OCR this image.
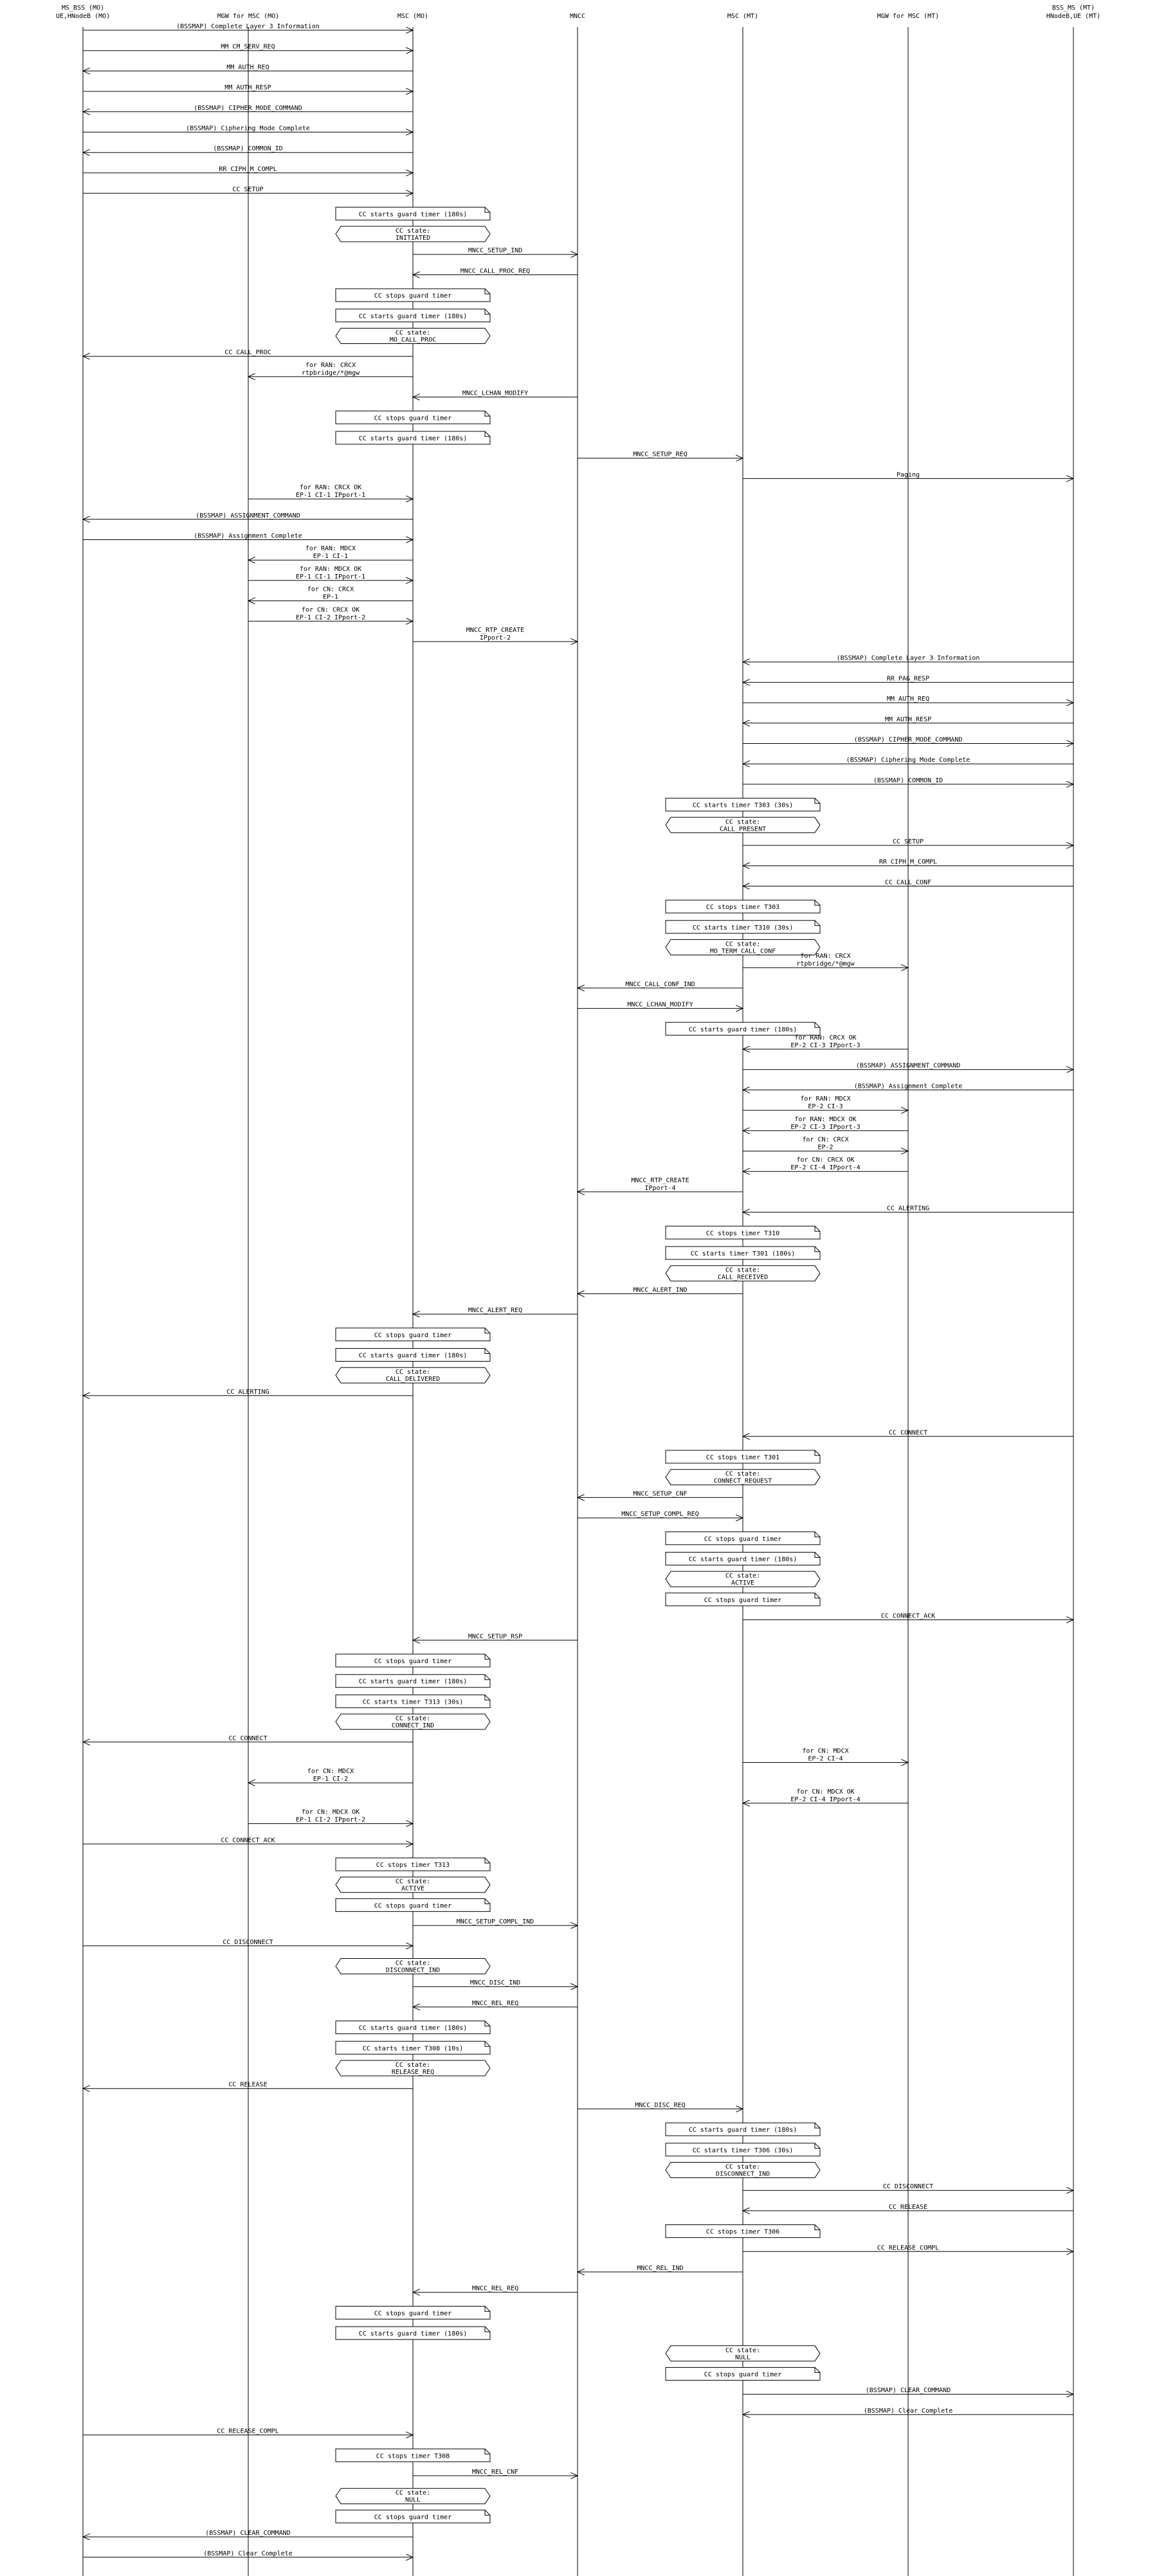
MS_BSS (MO)
UE,HNodeB (MO)	MGW for MSC (MO)	MSC (MO)	MNCC	MSC (MT)	MGW for MSC (MT)
BSS_MS (MT)
HNodeB,UE (MT)
(BSSMAP) Complete Layer 3 Information
MM CM_SERV_REQ
MM AUTH_REQ
MM AUTH_RESP
(BSSMAP) CIPHER_MODE_COMMAND
(BSSMAP) Ciphering Mode Complete
(BSSMAP) COMMON_ID
RR CIPH_M_COMPL
CC SETUP
CC starts guard timer (180s)
CC state:
INITIATED
MNCC_SETUP_IND
MNCC_CALL_PROC_REQ
CC stops guard timer
CC starts guard timer (180s)
CC state:
MO_CALL_PROC
CC CALL_PROC
for RAN: CRCX
rtpbridge/*@mgw
MNCC_LCHAN_MODIFY
CC stops guard timer
CC starts guard timer (180s)
MNCC_SETUP_REQ
Paging
for RAN: CRCX OK
EP-1 CI-1 IPport-1
(BSSMAP) ASSIGNMENT_COMMAND
(BSSMAP) Assignment Complete
for RAN: MDCX
EP-1 CI-1
for RAN: MDCX OK
EP-1 CI-1 IPport-1
for CN: CRCX
EP-1
for CN: CRCX OK
EP-1 CI-2 IPport-2
MNCC_RTP_CREATE
IPport-2
(BSSMAP) Complete Layer 3 Information
RR PAG_RESP
MM AUTH_REQ
MM AUTH_RESP
(BSSMAP) CIPHER_MODE_COMMAND
(BSSMAP) Ciphering Mode Complete
(BSSMAP) COMMON_ID
CC starts timer T303 (30s)
CC state:
CALL_PRESENT
CC SETUP
RR CIPH_M_COMPL
CC CALL_CONF
CC stops timer T303
CC starts timer T310 (30s)
CC state:
MO_TERM_CALL_CONF
for RAN: CRCX
rtpbridge/*@mgw
MNCC_CALL_CONF_IND
MNCC_LCHAN_MODIFY
CC starts guard timer (180s)
for RAN: CRCX OK
EP-2 CI-3 IPport-3
(BSSMAP) ASSIGNMENT_COMMAND
(BSSMAP) Assignment Complete
for RAN: MDCX
EP-2 CI-3
for RAN: MDCX OK
EP-2 CI-3 IPport-3
for CN: CRCX
EP-2
for CN: CRCX OK
EP-2 CI-4 IPport-4
MNCC_RTP_CREATE
IPport-4
CC ALERTING
CC stops timer T310
CC starts timer T301 (180s)
CC state:
CALL_RECEIVED
MNCC_ALERT_IND
MNCC_ALERT_REQ
CC stops guard timer
CC starts guard timer (180s)
CC state:
CALL_DELIVERED
CC ALERTING
CC CONNECT
CC stops timer T301
CC state:
CONNECT_REQUEST
MNCC_SETUP_CNF
MNCC_SETUP_COMPL_REQ
CC stops guard timer
CC starts guard timer (180s)
CC state:
ACTIVE
CC stops guard timer
CC CONNECT_ACK
MNCC_SETUP_RSP
CC stops guard timer
CC starts guard timer (180s)
CC starts timer T313 (30s)
CC state:
CONNECT_IND
CC CONNECT
for CN: MDCX
EP-2 CI-4
for CN: MDCX
EP-1 CI-2
for CN: MDCX OK
EP-2 CI-4 IPport-4
for CN: MDCX OK
EP-1 CI-2 IPport-2
CC CONNECT_ACK
CC stops timer T313
CC state:
ACTIVE
CC stops guard timer
MNCC_SETUP_COMPL_IND
CC DISCONNECT
CC state:
DISCONNECT_IND
MNCC_DISC_IND
MNCC_REL_REQ
CC starts guard timer (180s)
CC starts timer T308 (10s)
CC state:
RELEASE_REQ
CC RELEASE
MNCC_DISC_REQ
CC starts guard timer (180s)
CC starts timer T306 (30s)
CC state:
DISCONNECT_IND
CC DISCONNECT
CC RELEASE
CC stops timer T306
CC RELEASE_COMPL
MNCC_REL_IND
MNCC_REL_REQ
CC stops guard timer
CC starts guard timer (180s)
CC state:
NULL
CC stops guard timer
(BSSMAP) CLEAR_COMMAND
(BSSMAP) Clear Complete
CC RELEASE_COMPL
CC stops timer T308
MNCC_REL_CNF
CC state:
NULL
CC stops guard timer
(BSSMAP) CLEAR_COMMAND
(BSSMAP) Clear Complete
